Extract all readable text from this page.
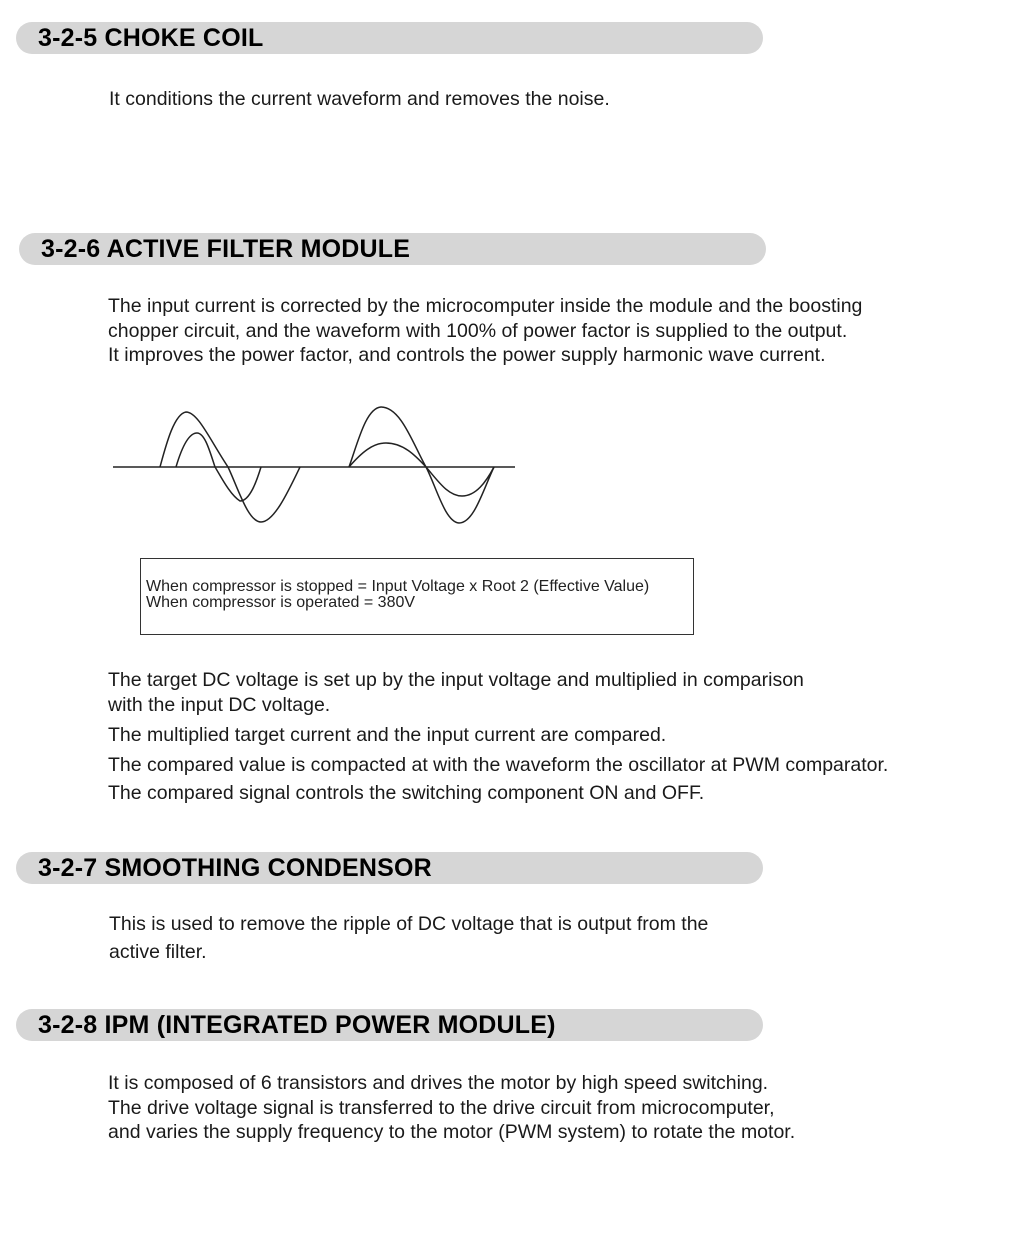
3-2-5 CHOKE COIL

It conditions the current waveform and removes the noise.

3-2-6 ACTIVE FILTER MODULE

The input current is corrected by the microcomputer inside the module and the boosting
chopper circuit, and the waveform with 100% of power factor is supplied to the output.
It improves the power factor, and controls the power supply harmonic wave current.

When compressor is stopped = Input Voltage x Root 2 (Effective Value)
When compressor is operated = 380V

The target DC voltage is set up by the input voltage and multiplied in comparison
with the input DC voltage.

The multiplied target current and the input current are compared.

The compared value is compacted at with the waveform the oscillator at PWM comparator.

The compared signal controls the switching component ON and OFF.

3-2-7 SMOOTHING CONDENSOR

This is used to remove the ripple of DC voltage that is output from the
active filter.

3-2-8 IPM (INTEGRATED POWER MODULE)

It is composed of 6 transistors and drives the motor by high speed switching.
The drive voltage signal is transferred to the drive circuit from microcomputer,
and varies the supply frequency to the motor (PWM system) to rotate the motor.
